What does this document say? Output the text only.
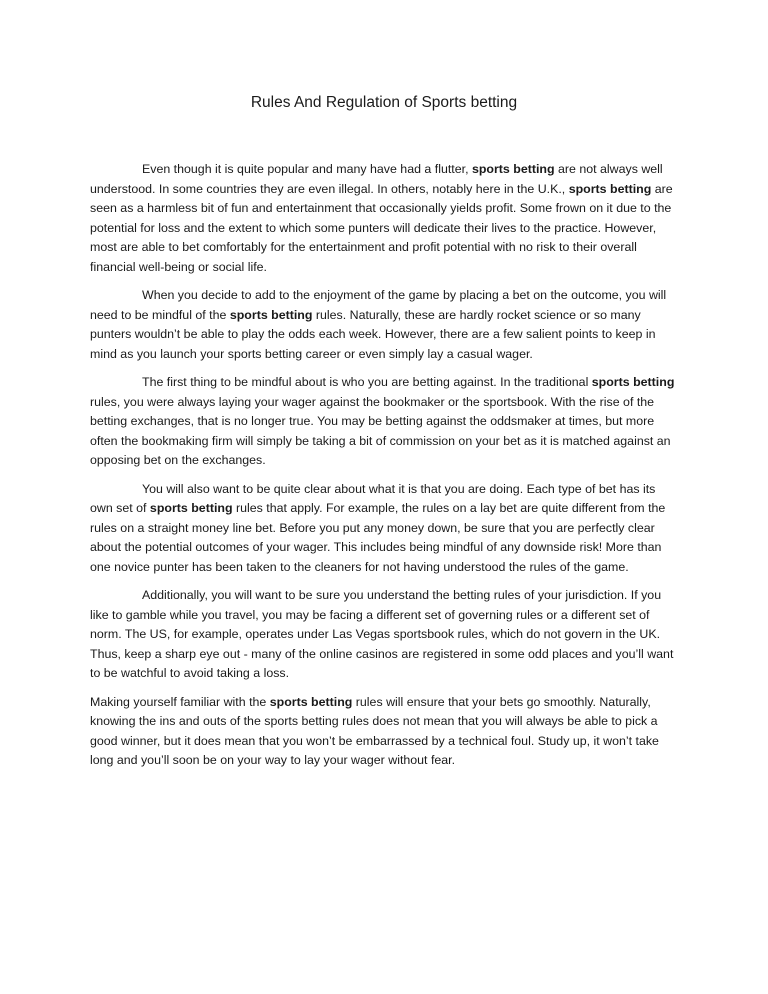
Rules And Regulation of Sports betting

Even though it is quite popular and many have had a flutter, sports betting are not always well understood. In some countries they are even illegal. In others, notably here in the U.K., sports betting are seen as a harmless bit of fun and entertainment that occasionally yields profit. Some frown on it due to the potential for loss and the extent to which some punters will dedicate their lives to the practice. However, most are able to bet comfortably for the entertainment and profit potential with no risk to their overall financial well-being or social life.

When you decide to add to the enjoyment of the game by placing a bet on the outcome, you will need to be mindful of the sports betting rules. Naturally, these are hardly rocket science or so many punters wouldn’t be able to play the odds each week. However, there are a few salient points to keep in mind as you launch your sports betting career or even simply lay a casual wager.

The first thing to be mindful about is who you are betting against. In the traditional sports betting rules, you were always laying your wager against the bookmaker or the sportsbook. With the rise of the betting exchanges, that is no longer true. You may be betting against the oddsmaker at times, but more often the bookmaking firm will simply be taking a bit of commission on your bet as it is matched against an opposing bet on the exchanges.

You will also want to be quite clear about what it is that you are doing. Each type of bet has its own set of sports betting rules that apply. For example, the rules on a lay bet are quite different from the rules on a straight money line bet. Before you put any money down, be sure that you are perfectly clear about the potential outcomes of your wager. This includes being mindful of any downside risk! More than one novice punter has been taken to the cleaners for not having understood the rules of the game.

Additionally, you will want to be sure you understand the betting rules of your jurisdiction. If you like to gamble while you travel, you may be facing a different set of governing rules or a different set of norm. The US, for example, operates under Las Vegas sportsbook rules, which do not govern in the UK. Thus, keep a sharp eye out - many of the online casinos are registered in some odd places and you’ll want to be watchful to avoid taking a loss.

Making yourself familiar with the sports betting rules will ensure that your bets go smoothly. Naturally, knowing the ins and outs of the sports betting rules does not mean that you will always be able to pick a good winner, but it does mean that you won’t be embarrassed by a technical foul. Study up, it won’t take long and you’ll soon be on your way to lay your wager without fear.
